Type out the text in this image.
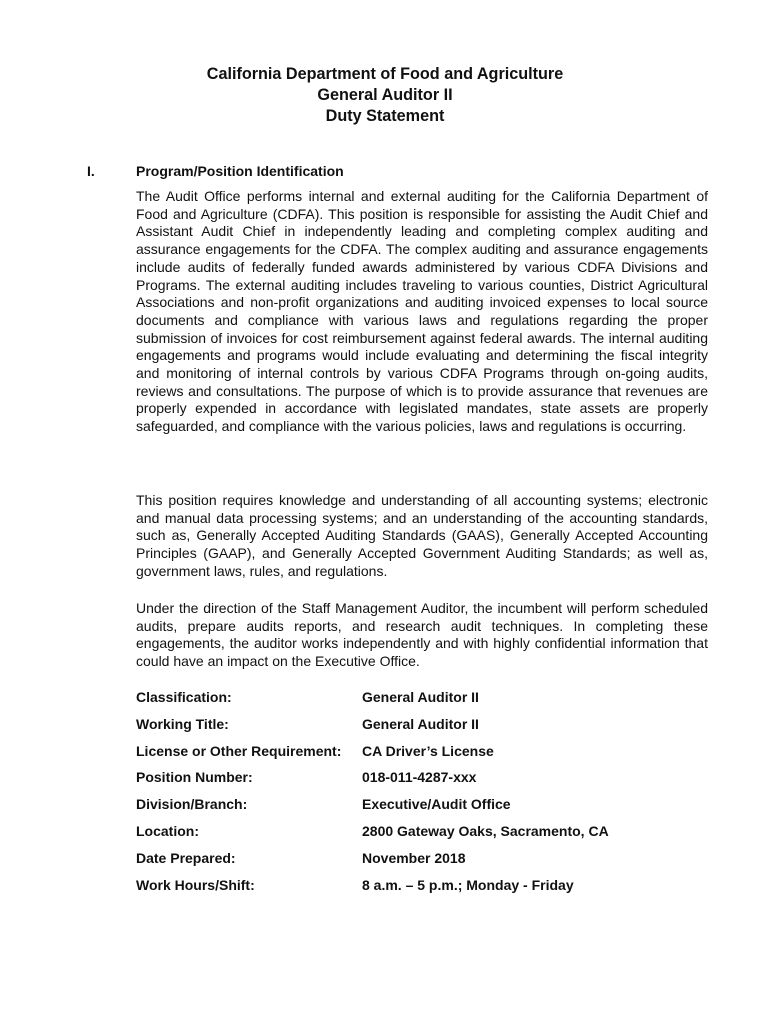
California Department of Food and Agriculture
General Auditor II
Duty Statement
I.	Program/Position Identification
The Audit Office performs internal and external auditing for the California Department of Food and Agriculture (CDFA). This position is responsible for assisting the Audit Chief and Assistant Audit Chief in independently leading and completing complex auditing and assurance engagements for the CDFA. The complex auditing and assurance engagements include audits of federally funded awards administered by various CDFA Divisions and Programs. The external auditing includes traveling to various counties, District Agricultural Associations and non-profit organizations and auditing invoiced expenses to local source documents and compliance with various laws and regulations regarding the proper submission of invoices for cost reimbursement against federal awards. The internal auditing engagements and programs would include evaluating and determining the fiscal integrity and monitoring of internal controls by various CDFA Programs through on-going audits, reviews and consultations. The purpose of which is to provide assurance that revenues are properly expended in accordance with legislated mandates, state assets are properly safeguarded, and compliance with the various policies, laws and regulations is occurring.
This position requires knowledge and understanding of all accounting systems; electronic and manual data processing systems; and an understanding of the accounting standards, such as, Generally Accepted Auditing Standards (GAAS), Generally Accepted Accounting Principles (GAAP), and Generally Accepted Government Auditing Standards; as well as, government laws, rules, and regulations.
Under the direction of the Staff Management Auditor, the incumbent will perform scheduled audits, prepare audits reports, and research audit techniques. In completing these engagements, the auditor works independently and with highly confidential information that could have an impact on the Executive Office.
Classification:	General Auditor II
Working Title:	General Auditor II
License or Other Requirement:	CA Driver’s License
Position Number:	018-011-4287-xxx
Division/Branch:	Executive/Audit Office
Location:	2800 Gateway Oaks, Sacramento, CA
Date Prepared:	November 2018
Work Hours/Shift:	8 a.m. – 5 p.m.; Monday - Friday
